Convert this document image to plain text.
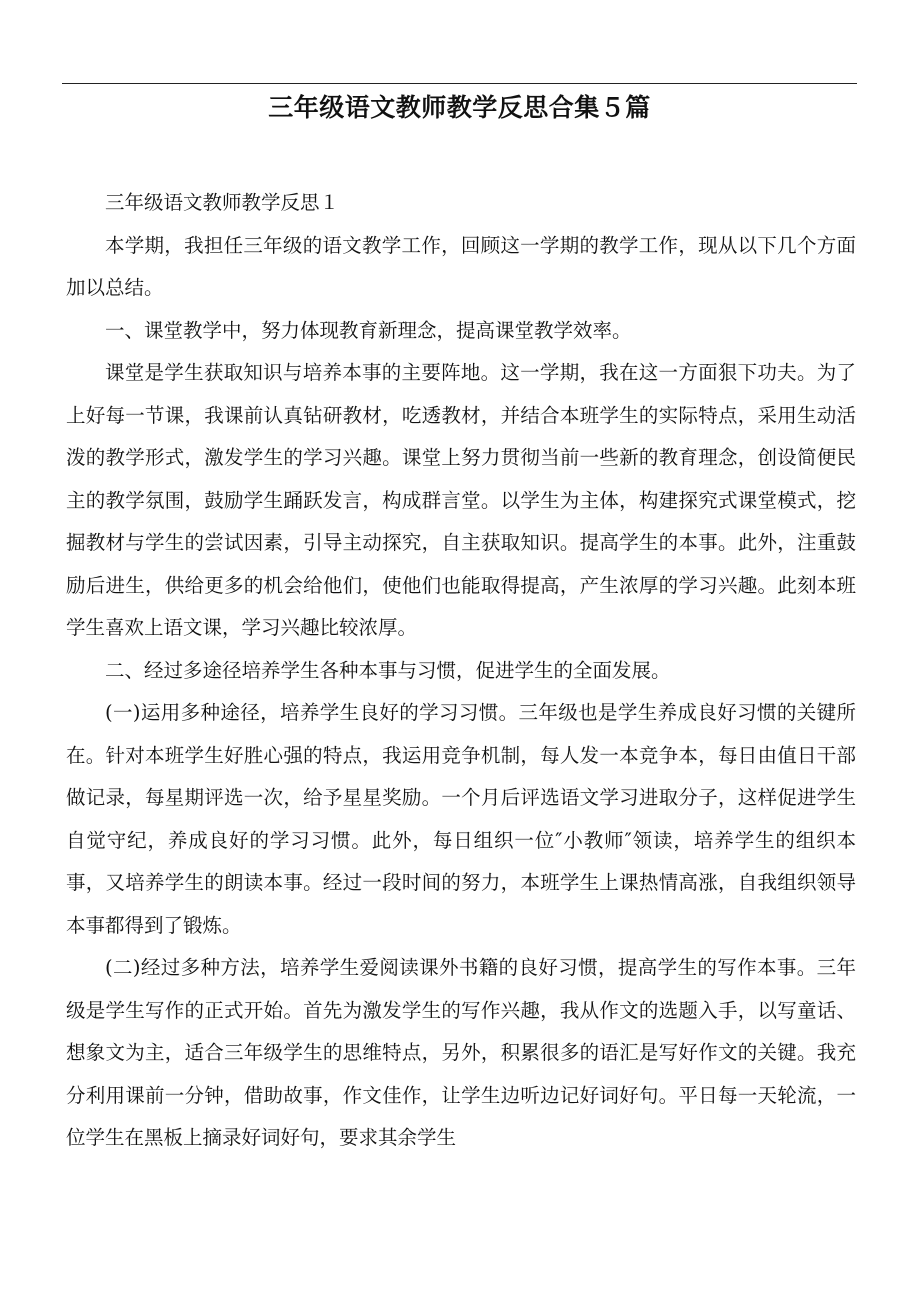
三年级语文教师教学反思合集５篇

三年级语文教师教学反思１

本学期，我担任三年级的语文教学工作，回顾这一学期的教学工作，现从以下几个方面加以总结。

一、课堂教学中，努力体现教育新理念，提高课堂教学效率。

课堂是学生获取知识与培养本事的主要阵地。这一学期，我在这一方面狠下功夫。为了上好每一节课，我课前认真钻研教材，吃透教材，并结合本班学生的实际特点，采用生动活泼的教学形式，激发学生的学习兴趣。课堂上努力贯彻当前一些新的教育理念，创设简便民主的教学氛围，鼓励学生踊跃发言，构成群言堂。以学生为主体，构建探究式课堂模式，挖掘教材与学生的尝试因素，引导主动探究，自主获取知识。提高学生的本事。此外，注重鼓励后进生，供给更多的机会给他们，使他们也能取得提高，产生浓厚的学习兴趣。此刻本班学生喜欢上语文课，学习兴趣比较浓厚。

二、经过多途径培养学生各种本事与习惯，促进学生的全面发展。

(一)运用多种途径，培养学生良好的学习习惯。三年级也是学生养成良好习惯的关键所在。针对本班学生好胜心强的特点，我运用竞争机制，每人发一本竞争本，每日由值日干部做记录，每星期评选一次，给予星星奖励。一个月后评选语文学习进取分子，这样促进学生自觉守纪，养成良好的学习习惯。此外，每日组织一位″小教师″领读，培养学生的组织本事，又培养学生的朗读本事。经过一段时间的努力，本班学生上课热情高涨，自我组织领导本事都得到了锻炼。

(二)经过多种方法，培养学生爱阅读课外书籍的良好习惯，提高学生的写作本事。三年级是学生写作的正式开始。首先为激发学生的写作兴趣，我从作文的选题入手，以写童话、想象文为主，适合三年级学生的思维特点，另外，积累很多的语汇是写好作文的关键。我充分利用课前一分钟，借助故事，作文佳作，让学生边听边记好词好句。平日每一天轮流，一位学生在黑板上摘录好词好句，要求其余学生
